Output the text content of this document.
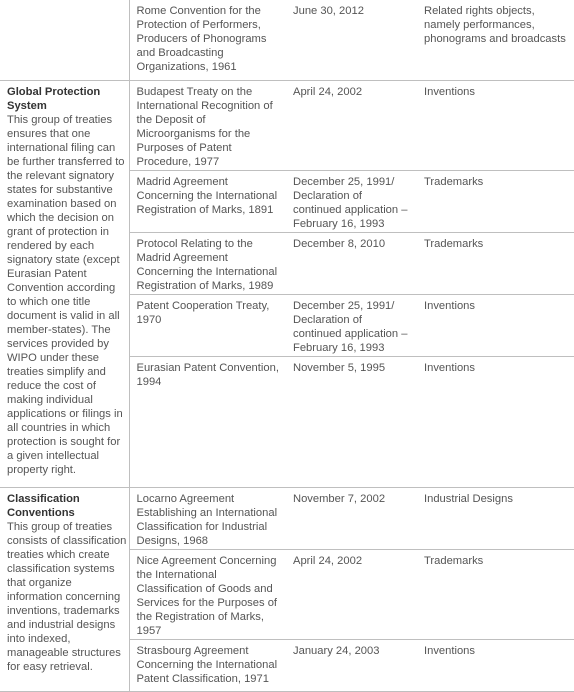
	Rome Convention for the Protection of Performers, Producers of Phonograms and Broadcasting Organizations, 1961	June 30, 2012	Related rights objects, namely performances, phonograms and broadcasts

Global Protection System
This group of treaties ensures that one international filing can be further transferred to the relevant signatory states for substantive examination based on which the decision on grant of protection in rendered by each signatory state (except Eurasian Patent Convention according to which one title document is valid in all member-states). The services provided by WIPO under these treaties simplify and reduce the cost of making individual applications or filings in all countries in which protection is sought for a given intellectual property right.	Budapest Treaty on the International Recognition of the Deposit of Microorganisms for the Purposes of Patent Procedure, 1977	April 24, 2002	Inventions
	Madrid Agreement Concerning the International Registration of Marks, 1891	December 25, 1991/ Declaration of continued application – February 16, 1993	Trademarks
	Protocol Relating to the Madrid Agreement Concerning the International Registration of Marks, 1989	December 8, 2010	Trademarks
	Patent Cooperation Treaty, 1970	December 25, 1991/ Declaration of continued application – February 16, 1993	Inventions
	Eurasian Patent Convention, 1994	November 5, 1995	Inventions

Classification Conventions
This group of treaties consists of classification treaties which create classification systems that organize information concerning inventions, trademarks and industrial designs into indexed, manageable structures for easy retrieval.	Locarno Agreement Establishing an International Classification for Industrial Designs, 1968	November 7, 2002	Industrial Designs
	Nice Agreement Concerning the International Classification of Goods and Services for the Purposes of the Registration of Marks, 1957	April 24, 2002	Trademarks
	Strasbourg Agreement Concerning the International Patent Classification, 1971	January 24, 2003	Inventions
